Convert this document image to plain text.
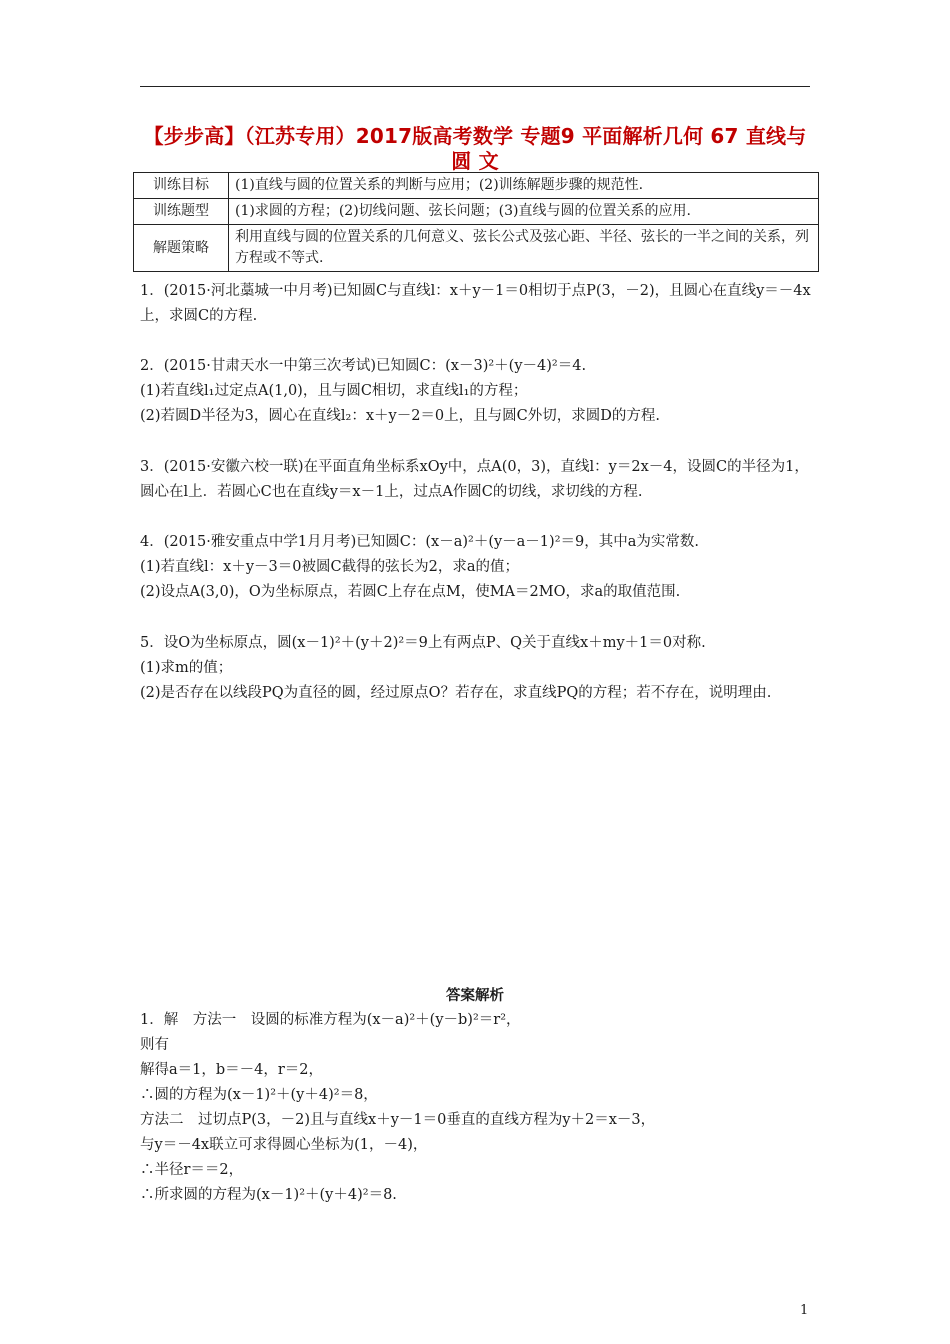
【步步高】（江苏专用）2017版高考数学 专题9 平面解析几何 67 直线与圆 文
训练目标	(1)直线与圆的位置关系的判断与应用；(2)训练解题步骤的规范性.
训练题型	(1)求圆的方程；(2)切线问题、弦长问题；(3)直线与圆的位置关系的应用.
解题策略	利用直线与圆的位置关系的几何意义、弦长公式及弦心距、半径、弦长的一半之间的关系，列方程或不等式.

1．(2015·河北藁城一中月考)已知圆C与直线l：x＋y－1＝0相切于点P(3，－2)，且圆心在直线y＝－4x上，求圆C的方程.

2．(2015·甘肃天水一中第三次考试)已知圆C：(x－3)²＋(y－4)²＝4.

(1)若直线l₁过定点A(1,0)，且与圆C相切，求直线l₁的方程；

(2)若圆D半径为3，圆心在直线l₂：x＋y－2＝0上，且与圆C外切，求圆D的方程.

3．(2015·安徽六校一联)在平面直角坐标系xOy中，点A(0，3)，直线l：y＝2x－4，设圆C的半径为1，圆心在l上．若圆心C也在直线y＝x－1上，过点A作圆C的切线，求切线的方程.

4．(2015·雅安重点中学1月月考)已知圆C：(x－a)²＋(y－a－1)²＝9，其中a为实常数.

(1)若直线l：x＋y－3＝0被圆C截得的弦长为2，求a的值；

(2)设点A(3,0)，O为坐标原点，若圆C上存在点M，使MA＝2MO，求a的取值范围.

5．设O为坐标原点，圆(x－1)²＋(y＋2)²＝9上有两点P、Q关于直线x＋my＋1＝0对称.

(1)求m的值；

(2)是否存在以线段PQ为直径的圆，经过原点O？若存在，求直线PQ的方程；若不存在，说明理由.

答案解析

1．解　方法一　设圆的标准方程为(x－a)²＋(y－b)²＝r²，

则有

解得a＝1，b＝－4，r＝2，

∴圆的方程为(x－1)²＋(y＋4)²＝8，

方法二　过切点P(3，－2)且与直线x＋y－1＝0垂直的直线方程为y＋2＝x－3，

与y＝－4x联立可求得圆心坐标为(1，－4)，

∴半径r＝＝2，

∴所求圆的方程为(x－1)²＋(y＋4)²＝8.

1
